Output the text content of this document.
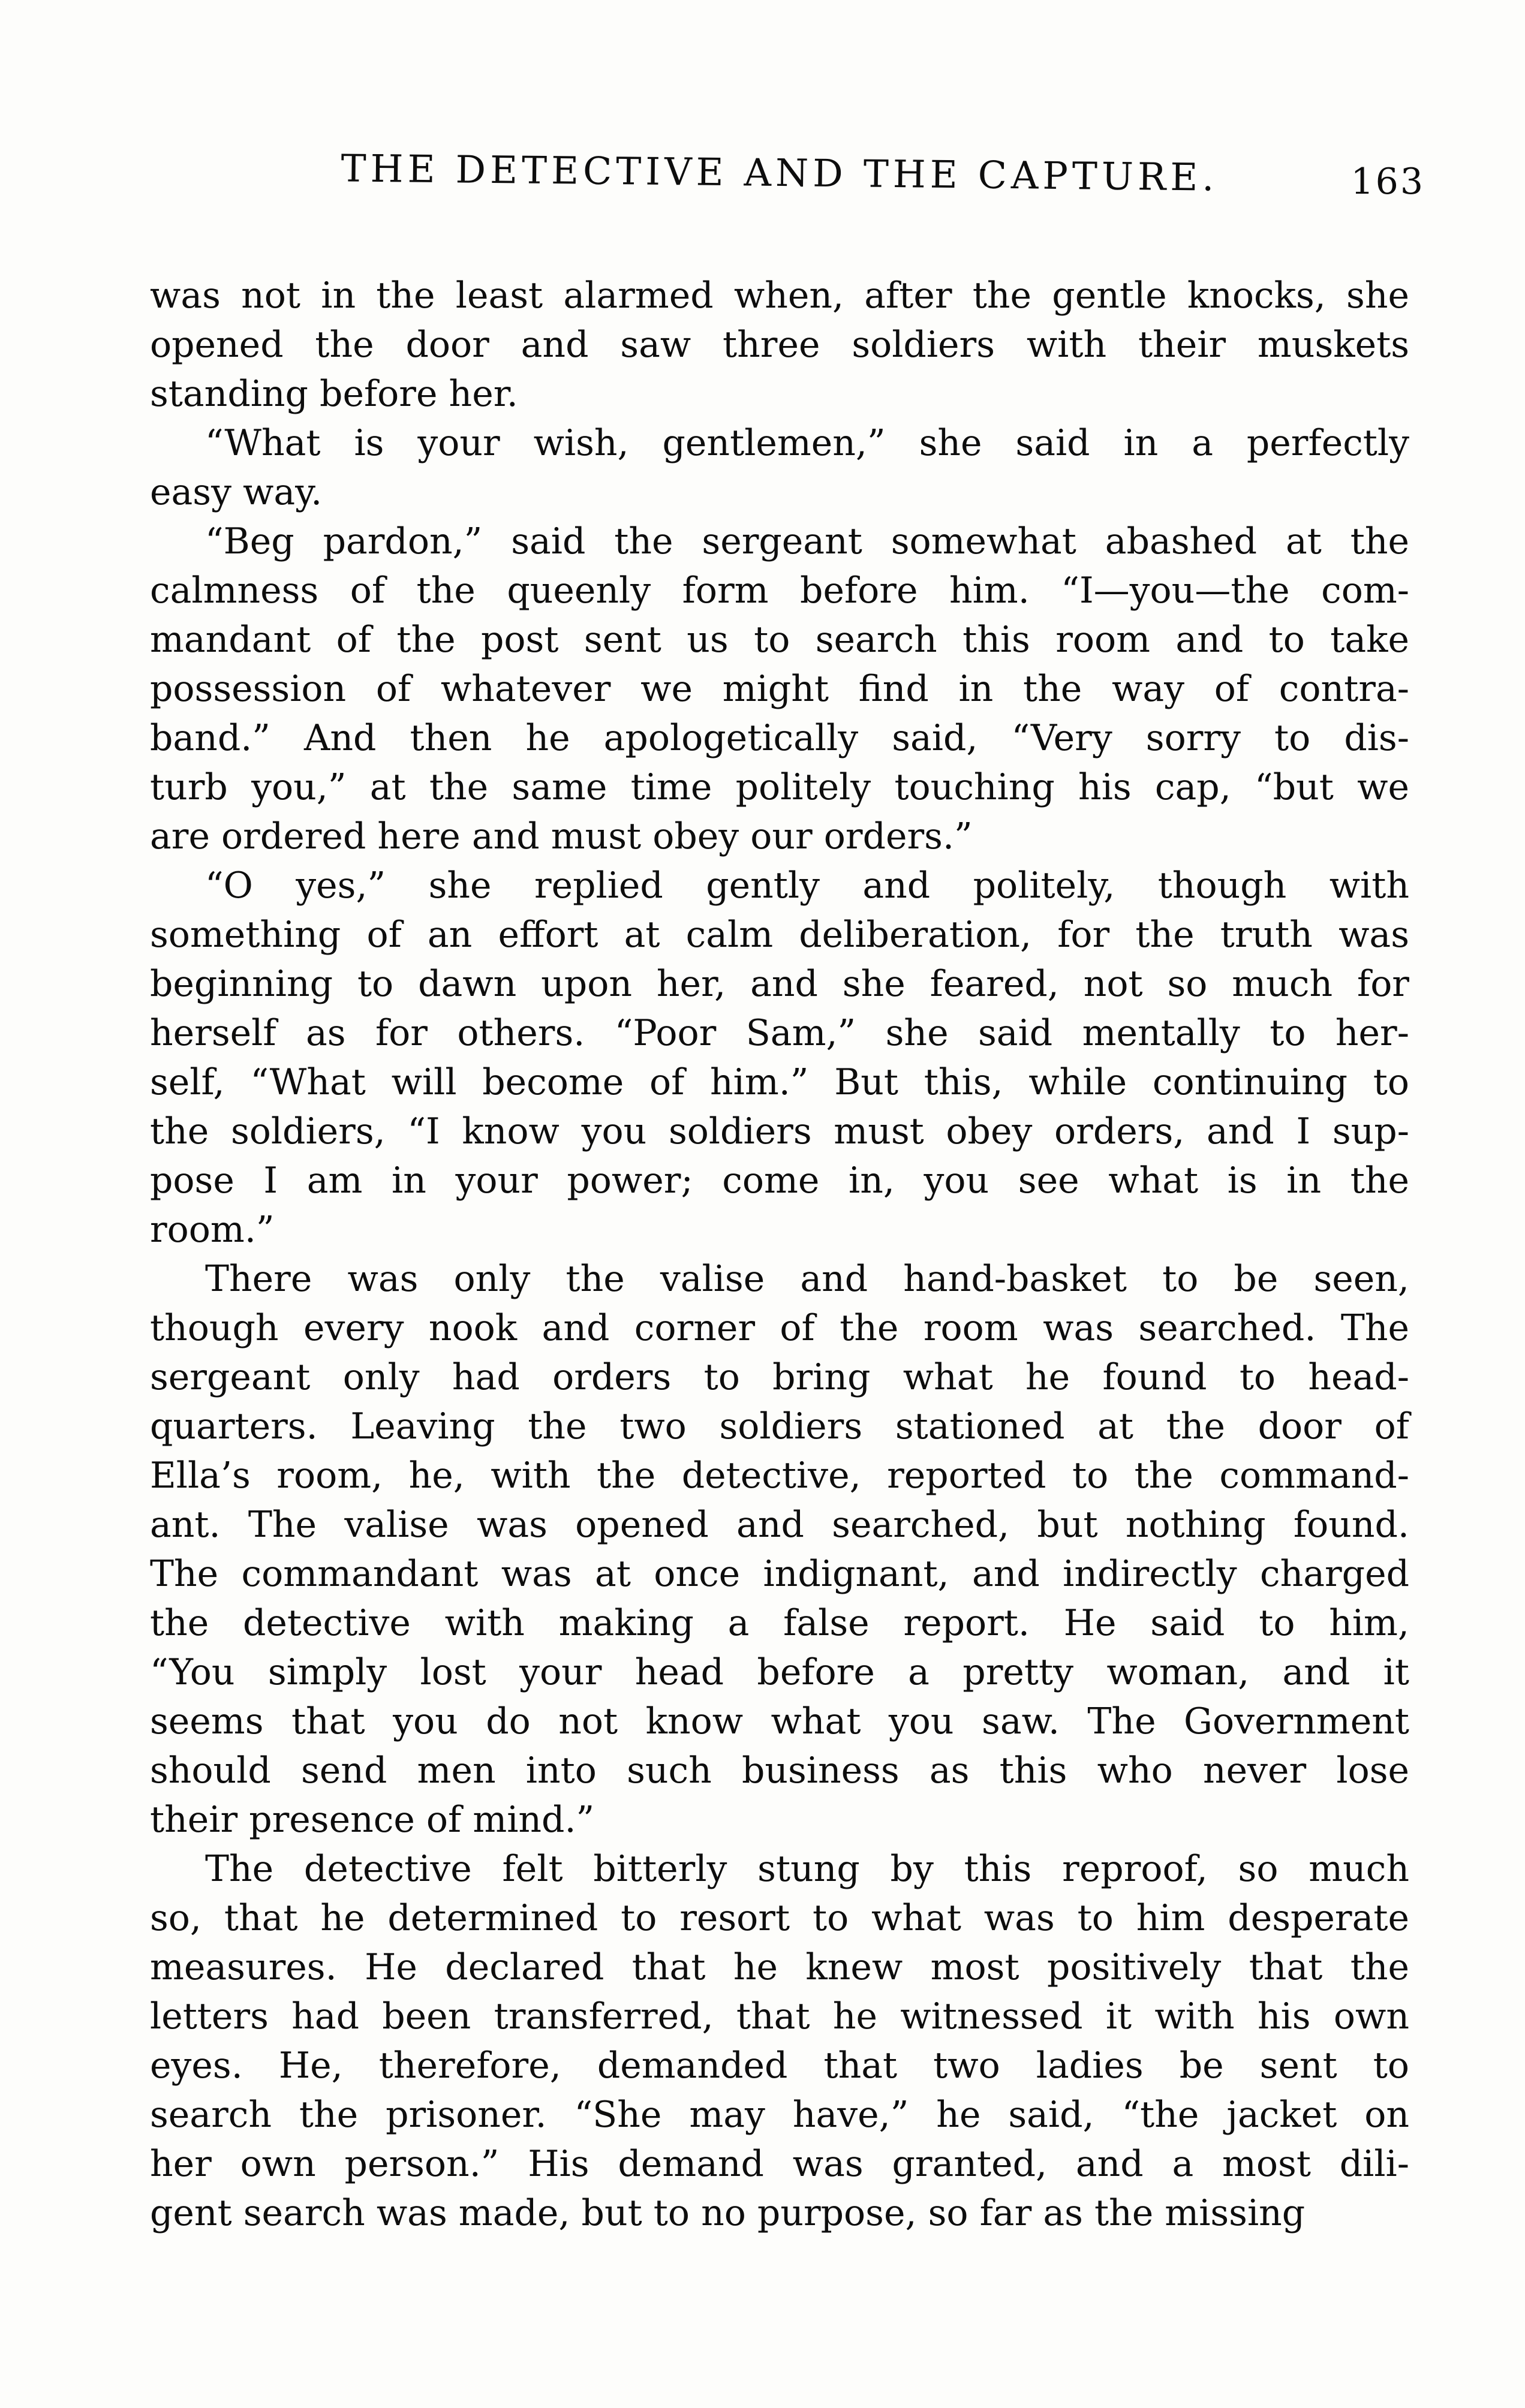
THE DETECTIVE AND THE CAPTURE.	163
was not in the least alarmed when, after the gentle knocks, she
opened the door and saw three soldiers with their muskets
standing before her.
“What is your wish, gentlemen,” she said in a perfectly
easy way.
“Beg pardon,” said the sergeant somewhat abashed at the
calmness of the queenly form before him. “I—you—the com-
mandant of the post sent us to search this room and to take
possession of whatever we might find in the way of contra-
band.” And then he apologetically said, “Very sorry to dis-
turb you,” at the same time politely touching his cap, “but we
are ordered here and must obey our orders.”
“O yes,” she replied gently and politely, though with
something of an effort at calm deliberation, for the truth was
beginning to dawn upon her, and she feared, not so much for
herself as for others. “Poor Sam,” she said mentally to her-
self, “What will become of him.” But this, while continuing to
the soldiers, “I know you soldiers must obey orders, and I sup-
pose I am in your power; come in, you see what is in the
room.”
There was only the valise and hand-basket to be seen,
though every nook and corner of the room was searched. The
sergeant only had orders to bring what he found to head-
quarters. Leaving the two soldiers stationed at the door of
Ella’s room, he, with the detective, reported to the command-
ant. The valise was opened and searched, but nothing found.
The commandant was at once indignant, and indirectly charged
the detective with making a false report. He said to him,
“You simply lost your head before a pretty woman, and it
seems that you do not know what you saw. The Government
should send men into such business as this who never lose
their presence of mind.”
The detective felt bitterly stung by this reproof, so much
so, that he determined to resort to what was to him desperate
measures. He declared that he knew most positively that the
letters had been transferred, that he witnessed it with his own
eyes. He, therefore, demanded that two ladies be sent to
search the prisoner. “She may have,” he said, “the jacket on
her own person.” His demand was granted, and a most dili-
gent search was made, but to no purpose, so far as the missing
